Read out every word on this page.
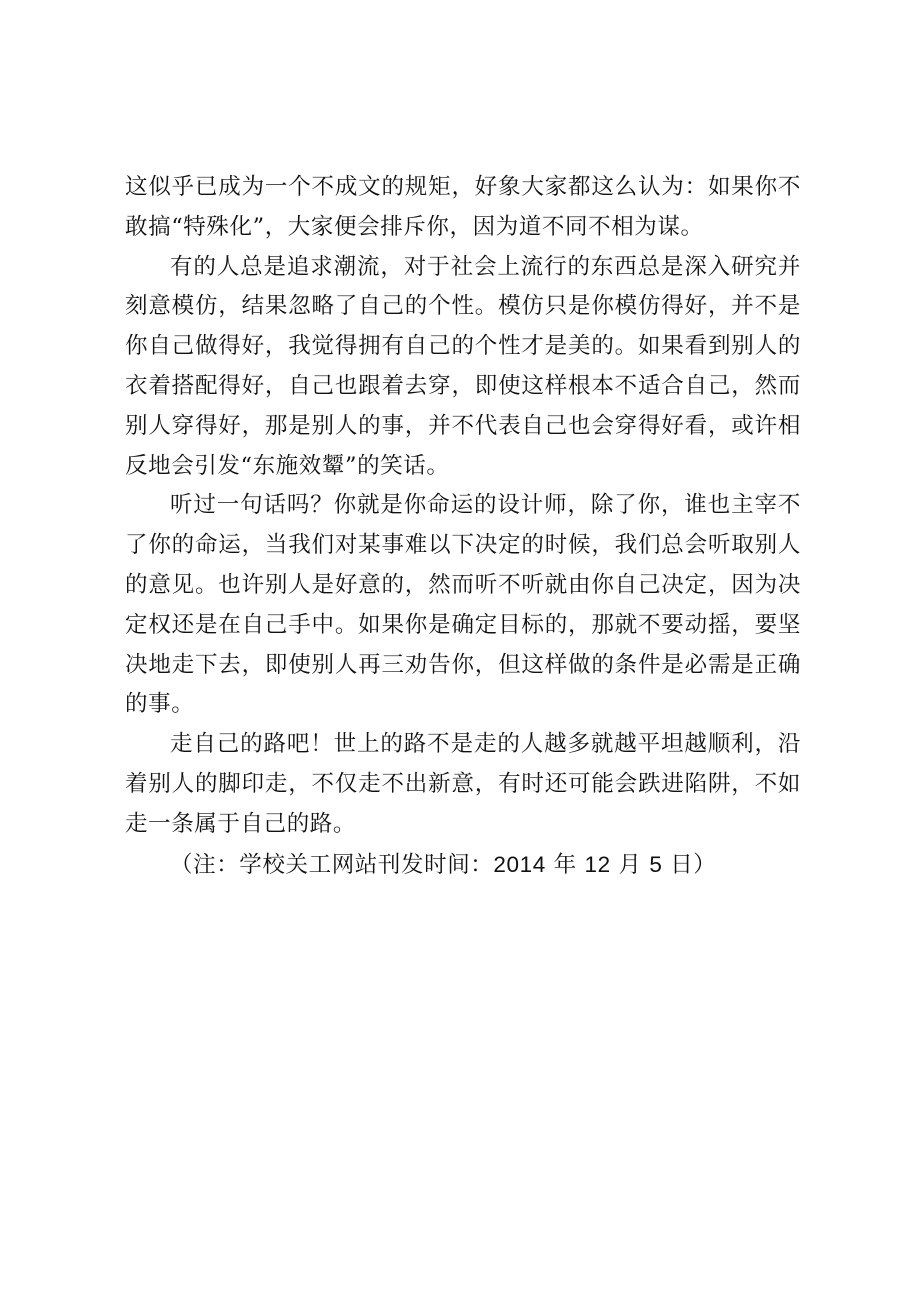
这似乎已成为一个不成文的规矩，好象大家都这么认为：如果你不敢搞“特殊化”，大家便会排斥你，因为道不同不相为谋。

有的人总是追求潮流，对于社会上流行的东西总是深入研究并刻意模仿，结果忽略了自己的个性。模仿只是你模仿得好，并不是你自己做得好，我觉得拥有自己的个性才是美的。如果看到别人的衣着搭配得好，自己也跟着去穿，即使这样根本不适合自己，然而别人穿得好，那是别人的事，并不代表自己也会穿得好看，或许相反地会引发“东施效颦”的笑话。

听过一句话吗？你就是你命运的设计师，除了你，谁也主宰不了你的命运，当我们对某事难以下决定的时候，我们总会听取别人的意见。也许别人是好意的，然而听不听就由你自己决定，因为决定权还是在自己手中。如果你是确定目标的，那就不要动摇，要坚决地走下去，即使别人再三劝告你，但这样做的条件是必需是正确的事。

走自己的路吧！世上的路不是走的人越多就越平坦越顺利，沿着别人的脚印走，不仅走不出新意，有时还可能会跌进陷阱，不如走一条属于自己的路。

（注：学校关工网站刊发时间：2014 年 12 月 5 日）
